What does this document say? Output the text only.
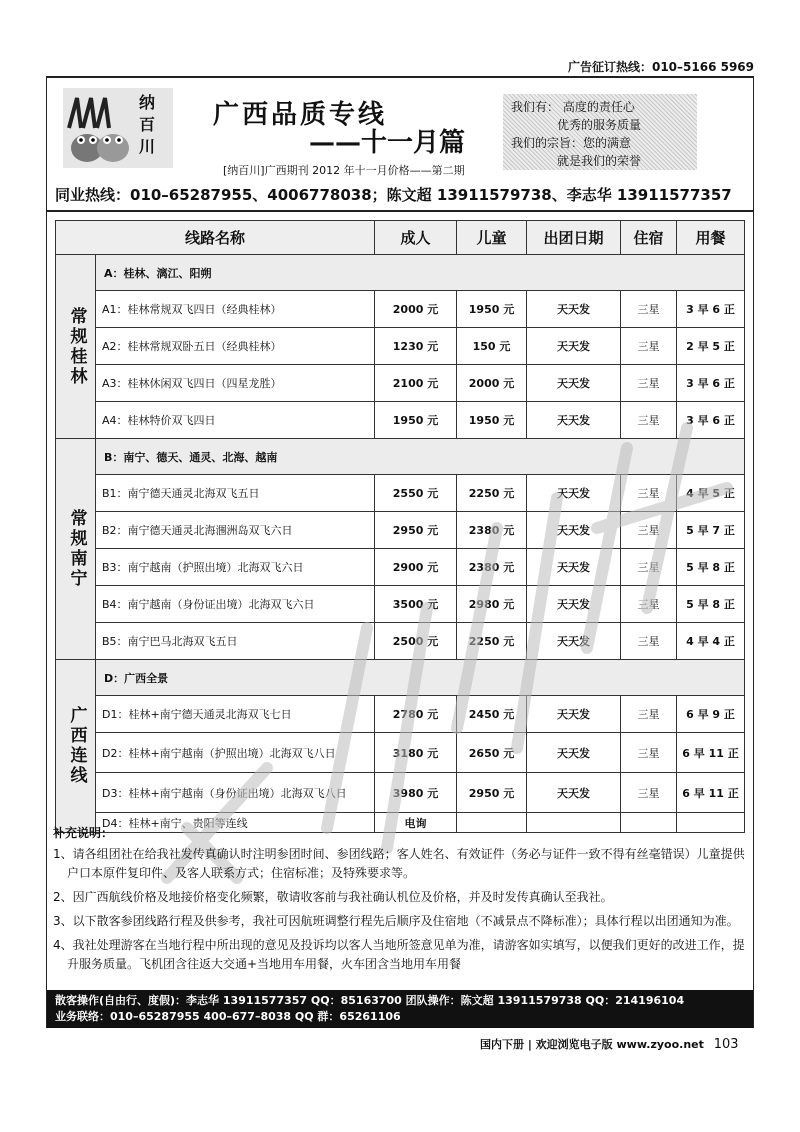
广告征订热线：010–5166 5969
纳百川
广西品质专线
——十一月篇
[纳百川]广西期刊 2012 年十一月价格——第二期
我们有： 高度的责任心
优秀的服务质量
我们的宗旨：您的满意
就是我们的荣誉
同业热线：010–65287955、4006778038；陈文超 13911579738、李志华 13911577357
线路名称		成人	儿童	出团日期	住宿	用餐

常规桂林	A：桂林、漓江、阳朔					
	A1：桂林常规双飞四日（经典桂林）	2000 元	1950 元	天天发	三星	3 早 6 正
	A2：桂林常规双卧五日（经典桂林）	1230 元	150 元	天天发	三星	2 早 5 正
	A3：桂林休闲双飞四日（四星龙胜）	2100 元	2000 元	天天发	三星	3 早 6 正
	A4：桂林特价双飞四日	1950 元	1950 元	天天发	三星	3 早 6 正

常规南宁	B：南宁、德天、通灵、北海、越南					
	B1：南宁德天通灵北海双飞五日	2550 元	2250 元	天天发	三星	4 早 5 正
	B2：南宁德天通灵北海涠洲岛双飞六日	2950 元	2380 元	天天发	三星	5 早 7 正
	B3：南宁越南（护照出境）北海双飞六日	2900 元	2380 元	天天发	三星	5 早 8 正
	B4：南宁越南（身份证出境）北海双飞六日	3500 元	2980 元	天天发	三星	5 早 8 正
	B5：南宁巴马北海双飞五日	2500 元	2250 元	天天发	三星	4 早 4 正

广西连线	D：广西全景					
	D1：桂林+南宁德天通灵北海双飞七日	2780 元	2450 元	天天发	三星	6 早 9 正
	D2：桂林+南宁越南（护照出境）北海双飞八日	3180 元	2650 元	天天发	三星	6 早 11 正
	D3：桂林+南宁越南（身份证出境）北海双飞八日	3980 元	2950 元	天天发	三星	6 早 11 正
	D4：桂林+南宁、贵阳等连线	电询				
补充说明：
1、请各组团社在给我社发传真确认时注明参团时间、参团线路；客人姓名、有效证件（务必与证件一致不得有丝毫错误）儿童提供户口本原件复印件、及客人联系方式；住宿标准；及特殊要求等。
2、因广西航线价格及地接价格变化频繁，敬请收客前与我社确认机位及价格，并及时发传真确认至我社。
3、以下散客参团线路行程及供参考，我社可因航班调整行程先后顺序及住宿地（不减景点不降标准）；具体行程以出团通知为准。
4、我社处理游客在当地行程中所出现的意见及投诉均以客人当地所签意见单为准，请游客如实填写，以便我们更好的改进工作，提升服务质量。飞机团含往返大交通+当地用车用餐，火车团含当地用车用餐
散客操作(自由行、度假)：李志华 13911577357 QQ：85163700 团队操作：陈文超 13911579738 QQ：214196104
业务联络：010–65287955 400–677–8038 QQ 群：65261106
国内下册 | 欢迎浏览电子版 www.zyoo.net 103
